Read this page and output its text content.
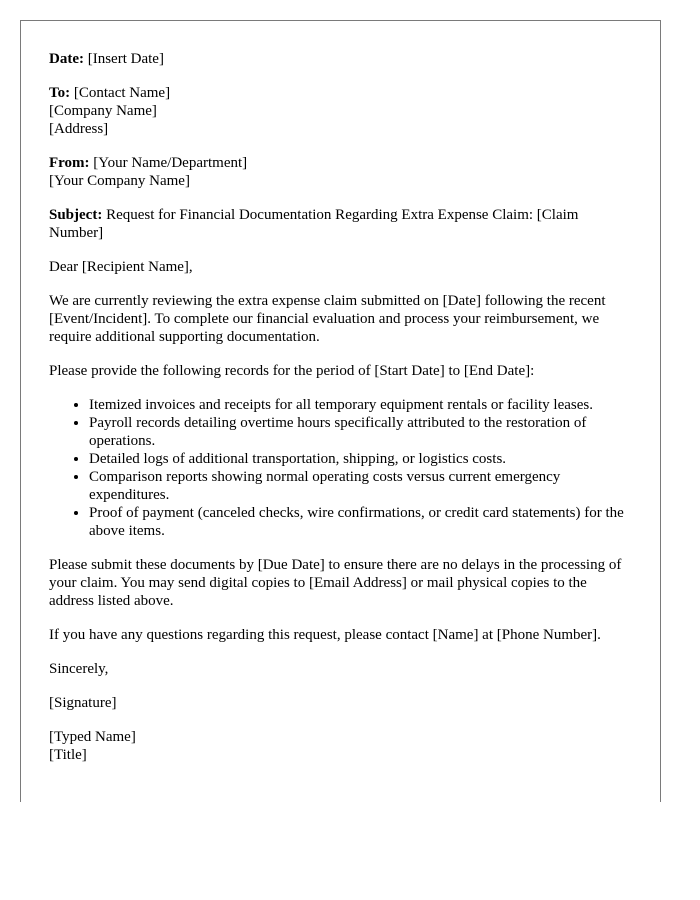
Date: [Insert Date]

To: [Contact Name]

[Company Name]

[Address]

From: [Your Name/Department]

[Your Company Name]

Subject: Request for Financial Documentation Regarding Extra Expense Claim: [Claim Number]

Dear [Recipient Name],

We are currently reviewing the extra expense claim submitted on [Date] following the recent [Event/Incident]. To complete our financial evaluation and process your reimbursement, we require additional supporting documentation.

Please provide the following records for the period of [Start Date] to [End Date]:

• Itemized invoices and receipts for all temporary equipment rentals or facility leases.
• Payroll records detailing overtime hours specifically attributed to the restoration of operations.
• Detailed logs of additional transportation, shipping, or logistics costs.
• Comparison reports showing normal operating costs versus current emergency expenditures.
• Proof of payment (canceled checks, wire confirmations, or credit card statements) for the above items.

Please submit these documents by [Due Date] to ensure there are no delays in the processing of your claim. You may send digital copies to [Email Address] or mail physical copies to the address listed above.

If you have any questions regarding this request, please contact [Name] at [Phone Number].

Sincerely,

[Signature]

[Typed Name]

[Title]
